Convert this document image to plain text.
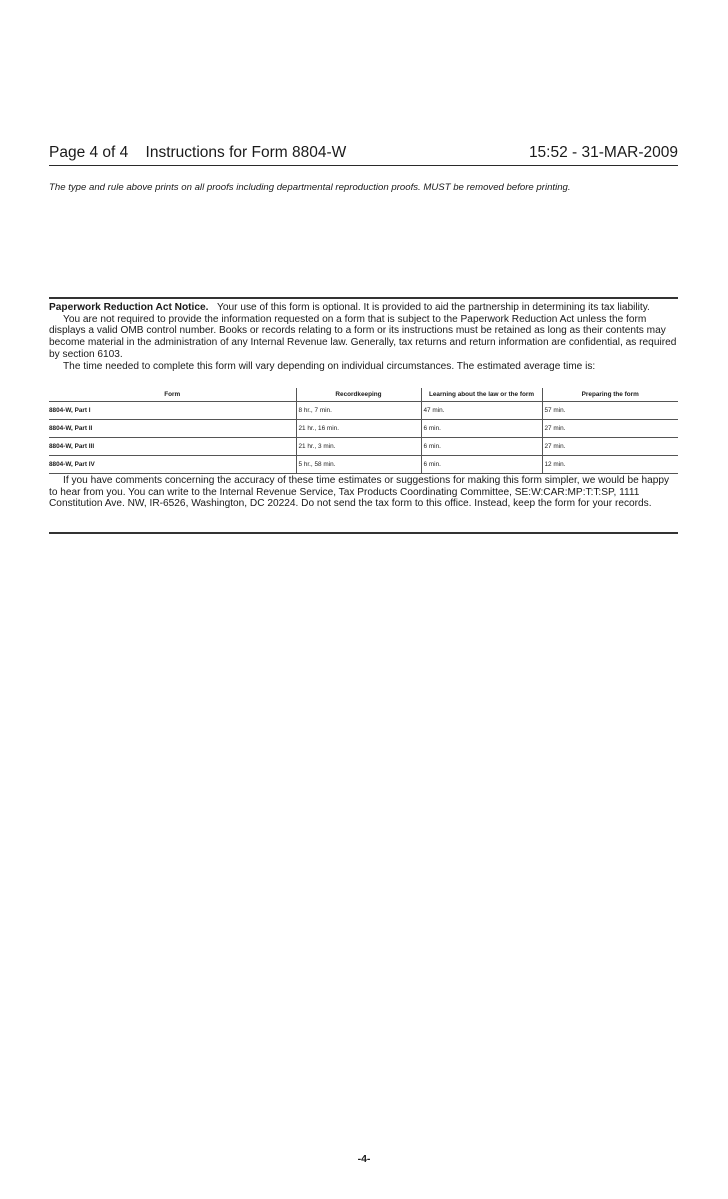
Page 4 of 4 Instructions for Form 8804-W	15:52 - 31-MAR-2009
The type and rule above prints on all proofs including departmental reproduction proofs. MUST be removed before printing.

Paperwork Reduction Act Notice. Your use of this form is optional. It is provided to aid the partnership in determining its tax liability.

You are not required to provide the information requested on a form that is subject to the Paperwork Reduction Act unless the form displays a valid OMB control number. Books or records relating to a form or its instructions must be retained as long as their contents may become material in the administration of any Internal Revenue law. Generally, tax returns and return information are confidential, as required by section 6103.

The time needed to complete this form will vary depending on individual circumstances. The estimated average time is:

Form	Recordkeeping	Learning about the law or the form	Preparing the form
8804-W, Part I	8 hr., 7 min.	47 min.	57 min.
8804-W, Part II	21 hr., 16 min.	6 min.	27 min.
8804-W, Part III	21 hr., 3 min.	6 min.	27 min.
8804-W, Part IV	5 hr., 58 min.	6 min.	12 min.

If you have comments concerning the accuracy of these time estimates or suggestions for making this form simpler, we would be happy to hear from you. You can write to the Internal Revenue Service, Tax Products Coordinating Committee, SE:W:CAR:MP:T:T:SP, 1111 Constitution Ave. NW, IR-6526, Washington, DC 20224. Do not send the tax form to this office. Instead, keep the form for your records.

-4-
